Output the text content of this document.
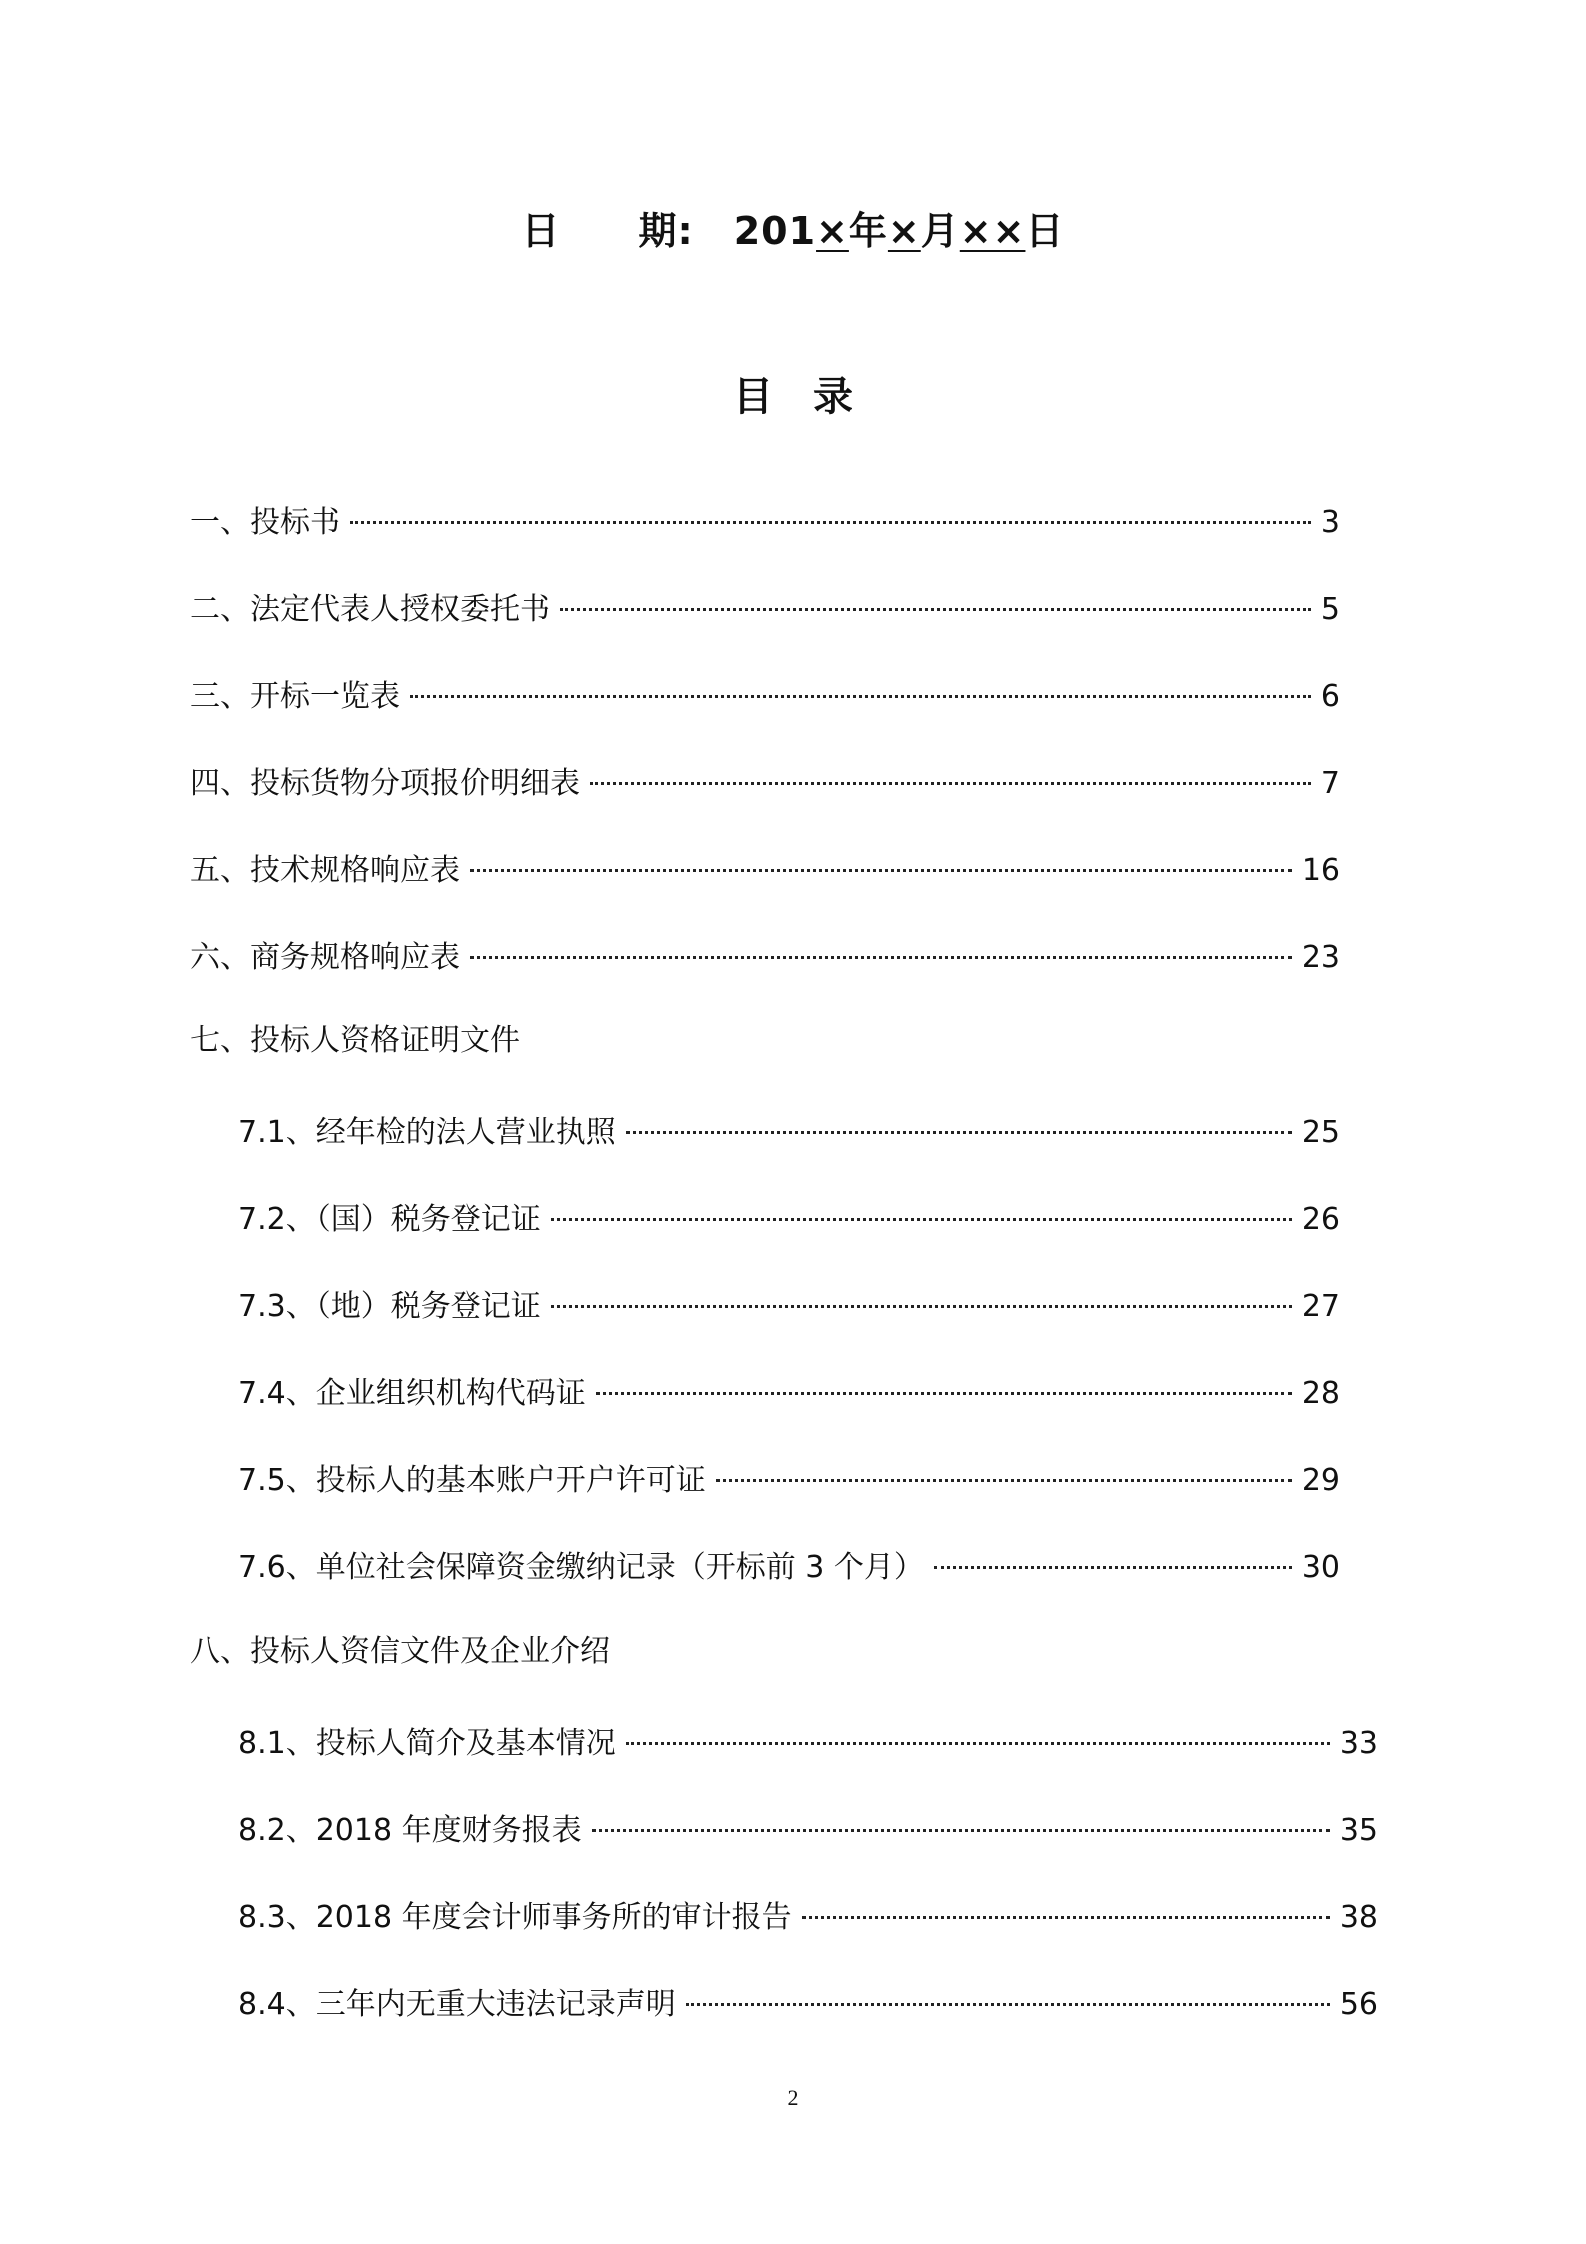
日　　期: 201×年×月××日
目　录
一、投标书	3
二、法定代表人授权委托书	5
三、开标一览表	6
四、投标货物分项报价明细表	7
五、技术规格响应表	16
六、商务规格响应表	23
七、投标人资格证明文件
7.1、经年检的法人营业执照	25
7.2、（国）税务登记证	26
7.3、（地）税务登记证	27
7.4、企业组织机构代码证	28
7.5、投标人的基本账户开户许可证	29
7.6、单位社会保障资金缴纳记录（开标前 3 个月）	30
八、投标人资信文件及企业介绍
8.1、投标人简介及基本情况	33
8.2、2018 年度财务报表	35
8.3、2018 年度会计师事务所的审计报告	38
8.4、三年内无重大违法记录声明	56
2
